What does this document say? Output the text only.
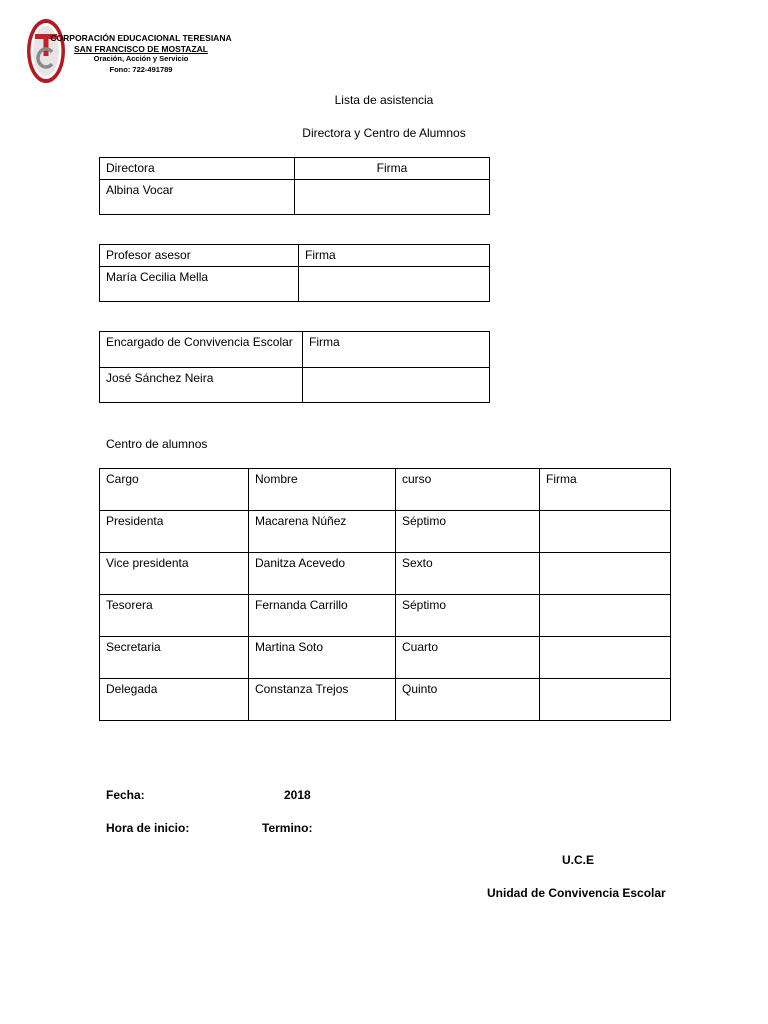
•
CORPORACIÓN EDUCACIONAL TERESIANA
SAN FRANCISCO DE MOSTAZAL
Oración, Acción y Servicio
Fono: 722-491789
Lista de asistencia
Directora y Centro de Alumnos
Directora	Firma
Albina Vocar	
Profesor asesor	Firma
María Cecilia Mella	
Encargado de Convivencia Escolar	Firma
José Sánchez Neira	
Centro de alumnos
Cargo	Nombre	curso	Firma
Presidenta	Macarena Núñez	Séptimo	
Vice presidenta	Danitza Acevedo	Sexto	
Tesorera	Fernanda Carrillo	Séptimo	
Secretaria	Martina Soto	Cuarto	
Delegada	Constanza Trejos	Quinto	
Fecha:	2018
Hora de inicio:	Termino:
U.C.E
Unidad de Convivencia Escolar
